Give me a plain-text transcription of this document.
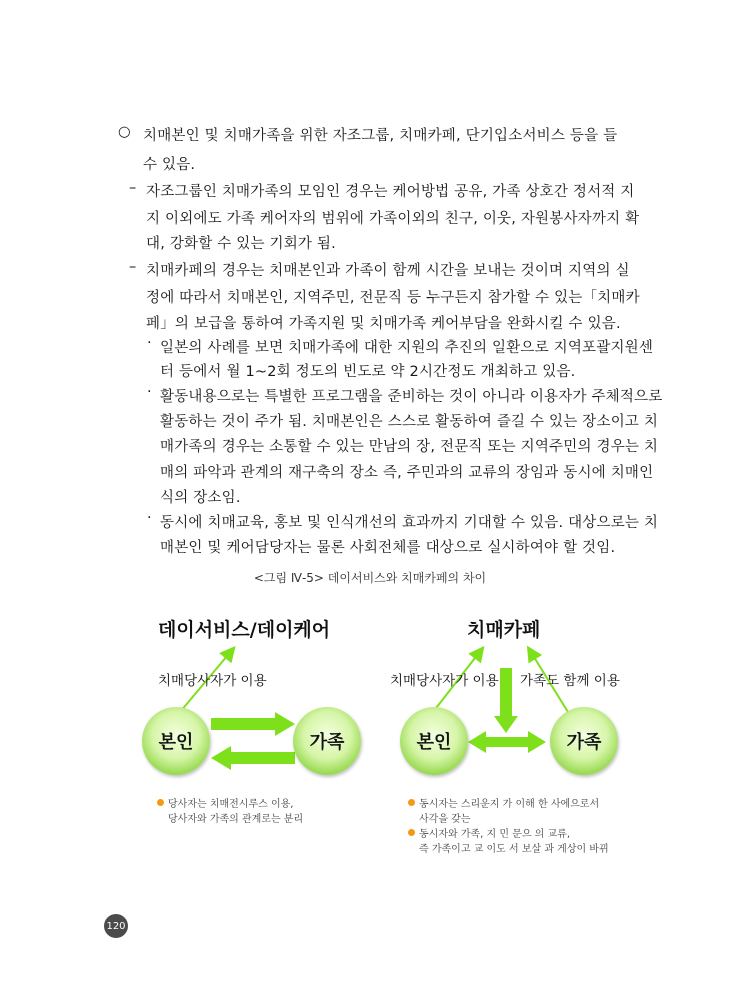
○ 치매본인 및 치매가족을 위한 자조그룹, 치매카페, 단기입소서비스 등을 들
수 있음.
– 자조그룹인 치매가족의 모임인 경우는 케어방법 공유, 가족 상호간 정서적 지
지 이외에도 가족 케어자의 범위에 가족이외의 친구, 이웃, 자원봉사자까지 확
대, 강화할 수 있는 기회가 됨.
– 치매카페의 경우는 치매본인과 가족이 함께 시간을 보내는 것이며 지역의 실
정에 따라서 치매본인, 지역주민, 전문직 등 누구든지 참가할 수 있는「치매카
페」의 보급을 통하여 가족지원 및 치매가족 케어부담을 완화시킬 수 있음.
· 일본의 사례를 보면 치매가족에 대한 지원의 추진의 일환으로 지역포괄지원센
터 등에서 월 1~2회 정도의 빈도로 약 2시간정도 개최하고 있음.
· 활동내용으로는 특별한 프로그램을 준비하는 것이 아니라 이용자가 주체적으로
활동하는 것이 주가 됨. 치매본인은 스스로 활동하여 즐길 수 있는 장소이고 치
매가족의 경우는 소통할 수 있는 만남의 장, 전문직 또는 지역주민의 경우는 치
매의 파악과 관계의 재구축의 장소 즉, 주민과의 교류의 장임과 동시에 치매인
식의 장소임.
· 동시에 치매교육, 홍보 및 인식개선의 효과까지 기대할 수 있음. 대상으로는 치
매본인 및 케어담당자는 물론 사회전체를 대상으로 실시하여야 할 것임.
<그림 Ⅳ-5> 데이서비스와 치매카페의 차이
데이서비스/데이케어	치매카페
치매당사자가 이용	치매당사자가 이용 가족도 함께 이용
본인	가족	본인	가족
당사자는 치매전시루스 이용,
당사자와 가족의 관계로는 분리
동시자는 스리운지 가 이해 한 사에으로서
사각을 갖는
동시자와 가족, 지 민 문으 의 교류,
즉 가족이고 교 이도 서 보살 과 게상이 바뀌
120
